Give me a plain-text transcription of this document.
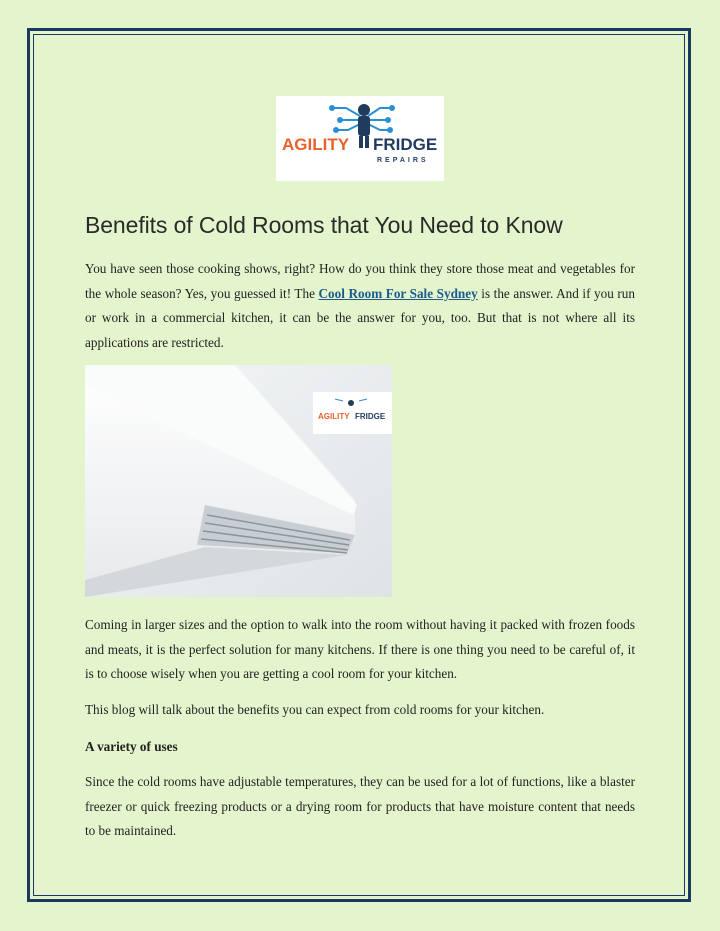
AGILITY FRIDGE
REPAIRS
Benefits of Cold Rooms that You Need to Know

You have seen those cooking shows, right? How do you think they store those meat and vegetables for the whole season? Yes, you guessed it! The Cool Room For Sale Sydney is the answer. And if you run or work in a commercial kitchen, it can be the answer for you, too. But that is not where all its applications are restricted.

AGILITY FRIDGE

Coming in larger sizes and the option to walk into the room without having it packed with frozen foods and meats, it is the perfect solution for many kitchens. If there is one thing you need to be careful of, it is to choose wisely when you are getting a cool room for your kitchen.

This blog will talk about the benefits you can expect from cold rooms for your kitchen.

A variety of uses

Since the cold rooms have adjustable temperatures, they can be used for a lot of functions, like a blaster freezer or quick freezing products or a drying room for products that have moisture content that needs to be maintained.
